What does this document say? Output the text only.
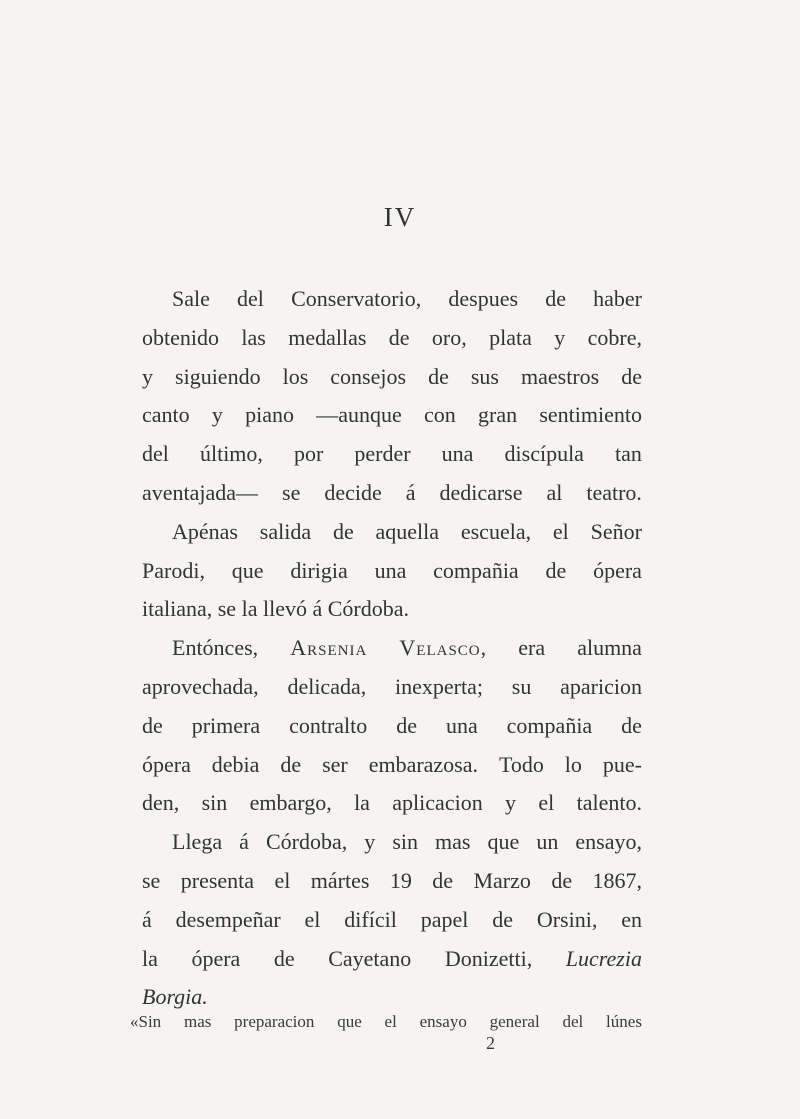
IV
Sale del Conservatorio, despues de haber
obtenido las medallas de oro, plata y cobre,
y siguiendo los consejos de sus maestros de
canto y piano —aunque con gran sentimiento
del último, por perder una discípula tan
aventajada— se decide á dedicarse al teatro.
Apénas salida de aquella escuela, el Señor
Parodi, que dirigia una compañia de ópera
italiana,
se
la
llevó
á
Córdoba.
Entónces, Arsenia Velasco, era alumna
aprovechada, delicada, inexperta; su aparicion
de primera contralto de una compañia de
ópera debia de ser embarazosa. Todo lo pue-
den, sin embargo, la aplicacion y el talento.
Llega á Córdoba, y sin mas que un ensayo,
se presenta el mártes 19 de Marzo de 1867,
á desempeñar el difícil papel de Orsini, en
la ópera de Cayetano Donizetti, Lucrezia
Borgia.
«Sin mas preparacion que el ensayo general del lúnes
2
